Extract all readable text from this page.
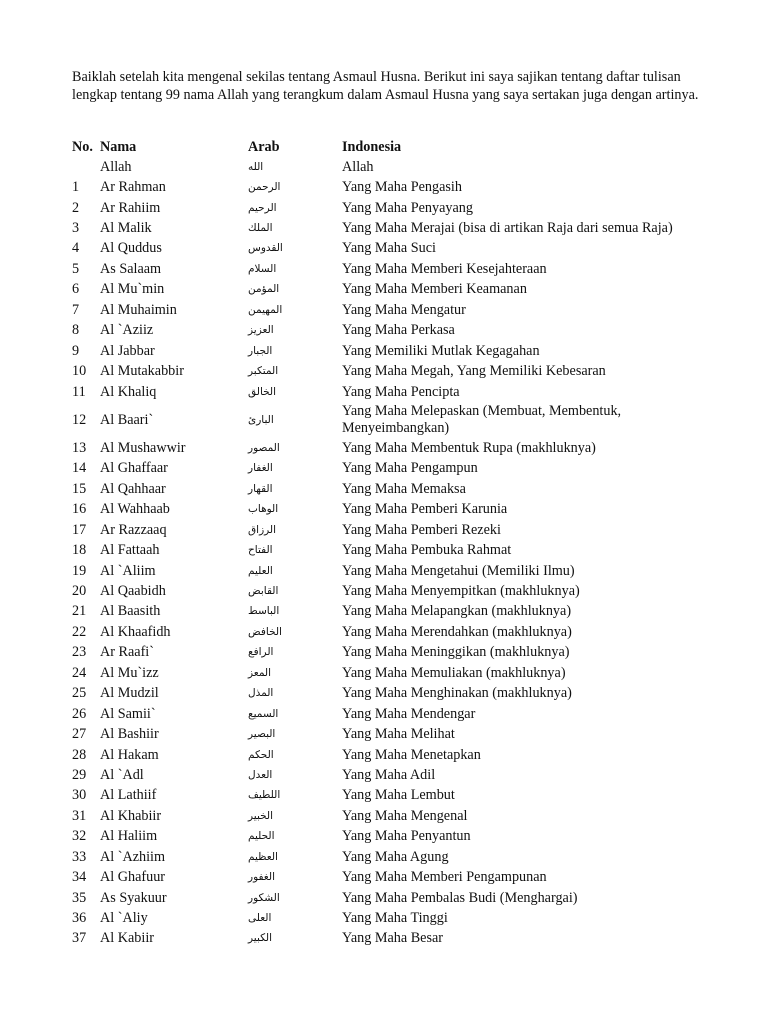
Baiklah setelah kita mengenal sekilas tentang Asmaul Husna. Berikut ini saya sajikan tentang daftar tulisan lengkap tentang 99 nama Allah yang terangkum dalam Asmaul Husna yang saya sertakan juga dengan artinya.

No.	Nama	Arab	Indonesia
	Allah	الله	Allah
1	Ar Rahman	الرحمن	Yang Maha Pengasih
2	Ar Rahiim	الرحيم	Yang Maha Penyayang
3	Al Malik	الملك	Yang Maha Merajai (bisa di artikan Raja dari semua Raja)
4	Al Quddus	القدوس	Yang Maha Suci
5	As Salaam	السلام	Yang Maha Memberi Kesejahteraan
6	Al Mu`min	المؤمن	Yang Maha Memberi Keamanan
7	Al Muhaimin	المهيمن	Yang Maha Mengatur
8	Al `Aziiz	العزيز	Yang Maha Perkasa
9	Al Jabbar	الجبار	Yang Memiliki Mutlak Kegagahan
10	Al Mutakabbir	المتكبر	Yang Maha Megah, Yang Memiliki Kebesaran
11	Al Khaliq	الخالق	Yang Maha Pencipta
12	Al Baari`	البارئ	Yang Maha Melepaskan (Membuat, Membentuk, Menyeimbangkan)
13	Al Mushawwir	المصور	Yang Maha Membentuk Rupa (makhluknya)
14	Al Ghaffaar	الغفار	Yang Maha Pengampun
15	Al Qahhaar	القهار	Yang Maha Memaksa
16	Al Wahhaab	الوهاب	Yang Maha Pemberi Karunia
17	Ar Razzaaq	الرزاق	Yang Maha Pemberi Rezeki
18	Al Fattaah	الفتاح	Yang Maha Pembuka Rahmat
19	Al `Aliim	العليم	Yang Maha Mengetahui (Memiliki Ilmu)
20	Al Qaabidh	القابض	Yang Maha Menyempitkan (makhluknya)
21	Al Baasith	الباسط	Yang Maha Melapangkan (makhluknya)
22	Al Khaafidh	الخافض	Yang Maha Merendahkan (makhluknya)
23	Ar Raafi`	الرافع	Yang Maha Meninggikan (makhluknya)
24	Al Mu`izz	المعز	Yang Maha Memuliakan (makhluknya)
25	Al Mudzil	المذل	Yang Maha Menghinakan (makhluknya)
26	Al Samii`	السميع	Yang Maha Mendengar
27	Al Bashiir	البصير	Yang Maha Melihat
28	Al Hakam	الحكم	Yang Maha Menetapkan
29	Al `Adl	العدل	Yang Maha Adil
30	Al Lathiif	اللطيف	Yang Maha Lembut
31	Al Khabiir	الخبير	Yang Maha Mengenal
32	Al Haliim	الحليم	Yang Maha Penyantun
33	Al `Azhiim	العظيم	Yang Maha Agung
34	Al Ghafuur	الغفور	Yang Maha Memberi Pengampunan
35	As Syakuur	الشكور	Yang Maha Pembalas Budi (Menghargai)
36	Al `Aliy	العلى	Yang Maha Tinggi
37	Al Kabiir	الكبير	Yang Maha Besar
